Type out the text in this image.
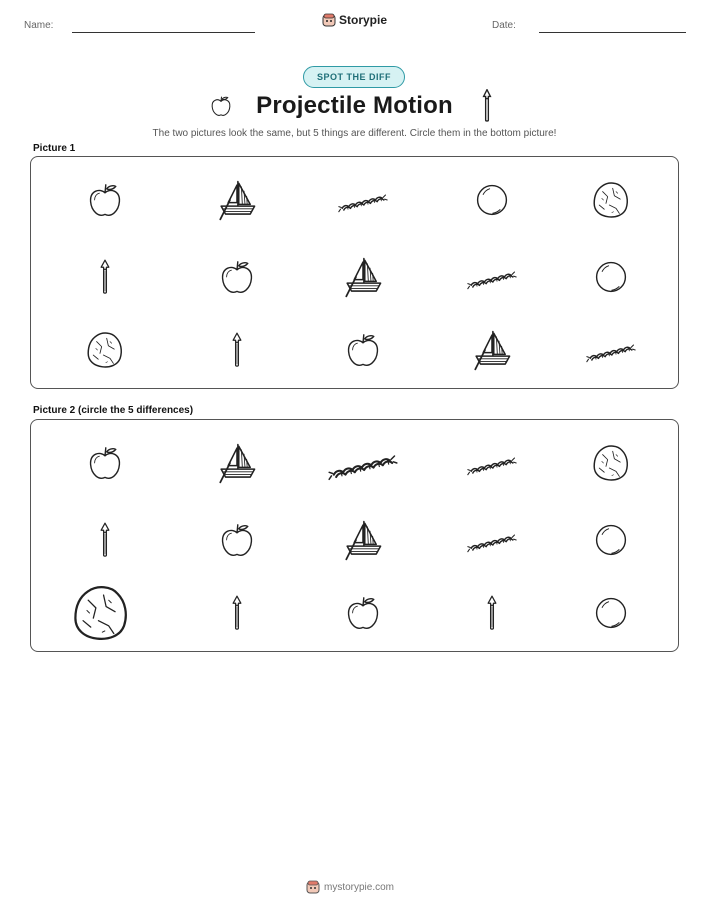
Name:	Storypie	Date:
SPOT THE DIFF
Projectile Motion
The two pictures look the same, but 5 things are different. Circle them in the bottom picture!
Picture 1
Picture 2 (circle the 5 differences)
mystorypie.com
